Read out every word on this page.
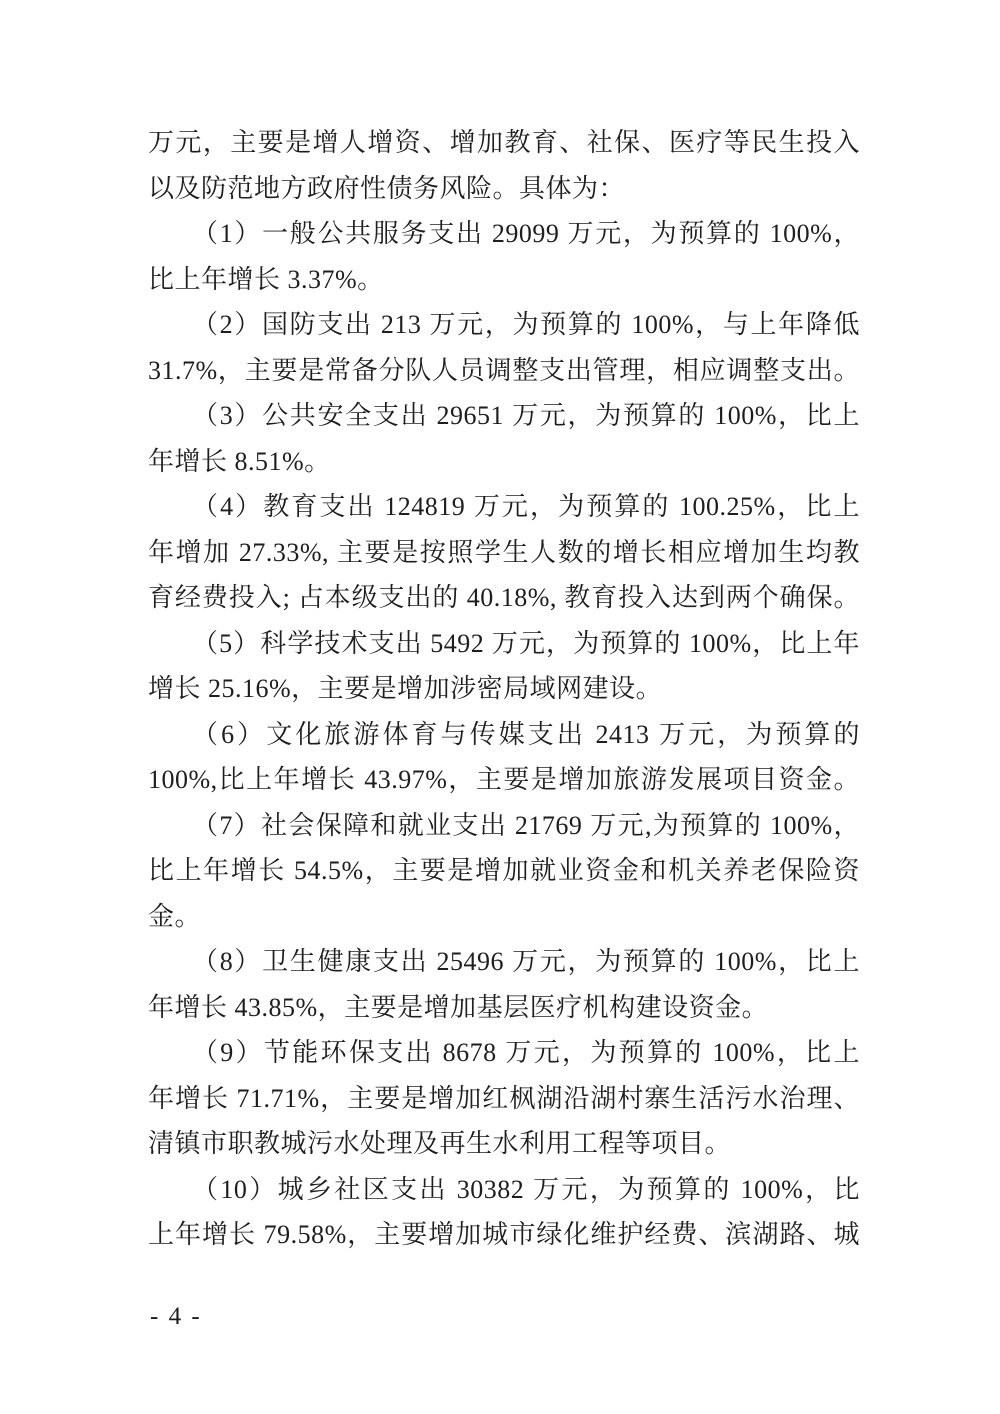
万元，主要是增人增资、增加教育、社保、医疗等民生投入
以及防范地方政府性债务风险。具体为：
（1）一般公共服务支出 29099 万元，为预算的 100%，
比上年增长 3.37%。
（2）国防支出 213 万元，为预算的 100%，与上年降低
31.7%，主要是常备分队人员调整支出管理，相应调整支出。
（3）公共安全支出 29651 万元，为预算的 100%，比上
年增长 8.51%。
（4）教育支出 124819 万元，为预算的 100.25%，比上
年增加 27.33%, 主要是按照学生人数的增长相应增加生均教
育经费投入; 占本级支出的 40.18%, 教育投入达到两个确保。
（5）科学技术支出 5492 万元，为预算的 100%，比上年
增长 25.16%，主要是增加涉密局域网建设。
（6）文化旅游体育与传媒支出 2413 万元，为预算的
100%,比上年增长 43.97%，主要是增加旅游发展项目资金。
（7）社会保障和就业支出 21769 万元,为预算的 100%，
比上年增长 54.5%，主要是增加就业资金和机关养老保险资
金。
（8）卫生健康支出 25496 万元，为预算的 100%，比上
年增长 43.85%，主要是增加基层医疗机构建设资金。
（9）节能环保支出 8678 万元，为预算的 100%，比上
年增长 71.71%，主要是增加红枫湖沿湖村寨生活污水治理、
清镇市职教城污水处理及再生水利用工程等项目。
（10）城乡社区支出 30382 万元，为预算的 100%，比
上年增长 79.58%，主要增加城市绿化维护经费、滨湖路、城
- 4 -
